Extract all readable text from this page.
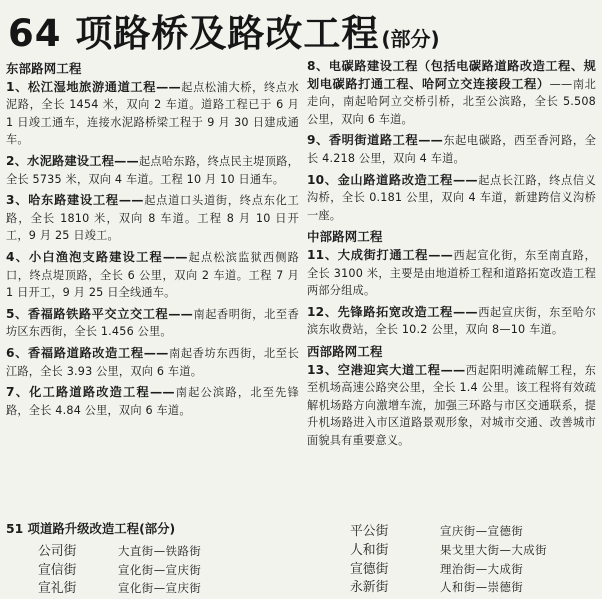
64 项路桥及路改工程 (部分)
东部路网工程
1、松江湿地旅游通道工程——起点松浦大桥，终点水泥路，全长 1454 米，双向 2 车道。道路工程已于 6 月 1 日竣工通车，连接水泥路桥梁工程于 9 月 30 日建成通车。
2、水泥路建设工程——起点哈东路，终点民主堤顶路，全长 5735 米，双向 4 车道。工程 10 月 10 日通车。
3、哈东路建设工程——起点道口头道街，终点东化工路，全长 1810 米，双向 8 车道。工程 8 月 10 日开工，9 月 25 日竣工。
4、小白渔泡支路建设工程——起点松滨监狱西侧路口，终点堤顶路，全长 6 公里，双向 2 车道。工程 7 月 1 日开工，9 月 25 日全线通车。
5、香福路铁路平交立交工程——南起香明街，北至香坊区东西街，全长 1.456 公里。
6、香福路道路改造工程——南起香坊东西街，北至长江路，全长 3.93 公里，双向 6 车道。
7、化工路道路改造工程——南起公滨路，北至先锋路，全长 4.84 公里，双向 6 车道。
8、电碳路建设工程（包括电碳路道路改造工程、规划电碳路打通工程、哈阿立交连接段工程）——南北走向，南起哈阿立交桥引桥，北至公滨路，全长 5.508 公里，双向 6 车道。
9、香明街道路工程——东起电碳路，西至香河路，全长 4.218 公里，双向 4 车道。
10、金山路道路改造工程——起点长江路，终点信义沟桥，全长 0.181 公里，双向 4 车道，新建跨信义沟桥一座。
中部路网工程
11、大成街打通工程——西起宣化街，东至南直路，全长 3100 米，主要是由地道桥工程和道路拓宽改造工程两部分组成。
12、先锋路拓宽改造工程——西起宣庆街，东至哈尔滨东收费站，全长 10.2 公里，双向 8—10 车道。
西部路网工程
13、空港迎宾大道工程——西起阳明滩疏解工程，东至机场高速公路突公里，全长 1.4 公里。该工程将有效疏解机场路方向激增车流，加强三环路与市区交通联系，提升机场路进入市区道路景观形象，对城市交通、改善城市面貌具有重要意义。
51 项道路升级改造工程(部分)
公司街	大直街—铁路街
宣信街	宣化街—宣庆街
宣礼街	宣化街—宣庆街
平公街	宣庆街—宣德街
人和街	果戈里大街—大成街
宣德街	理治街—大成街
永新街	人和街—崇德街
